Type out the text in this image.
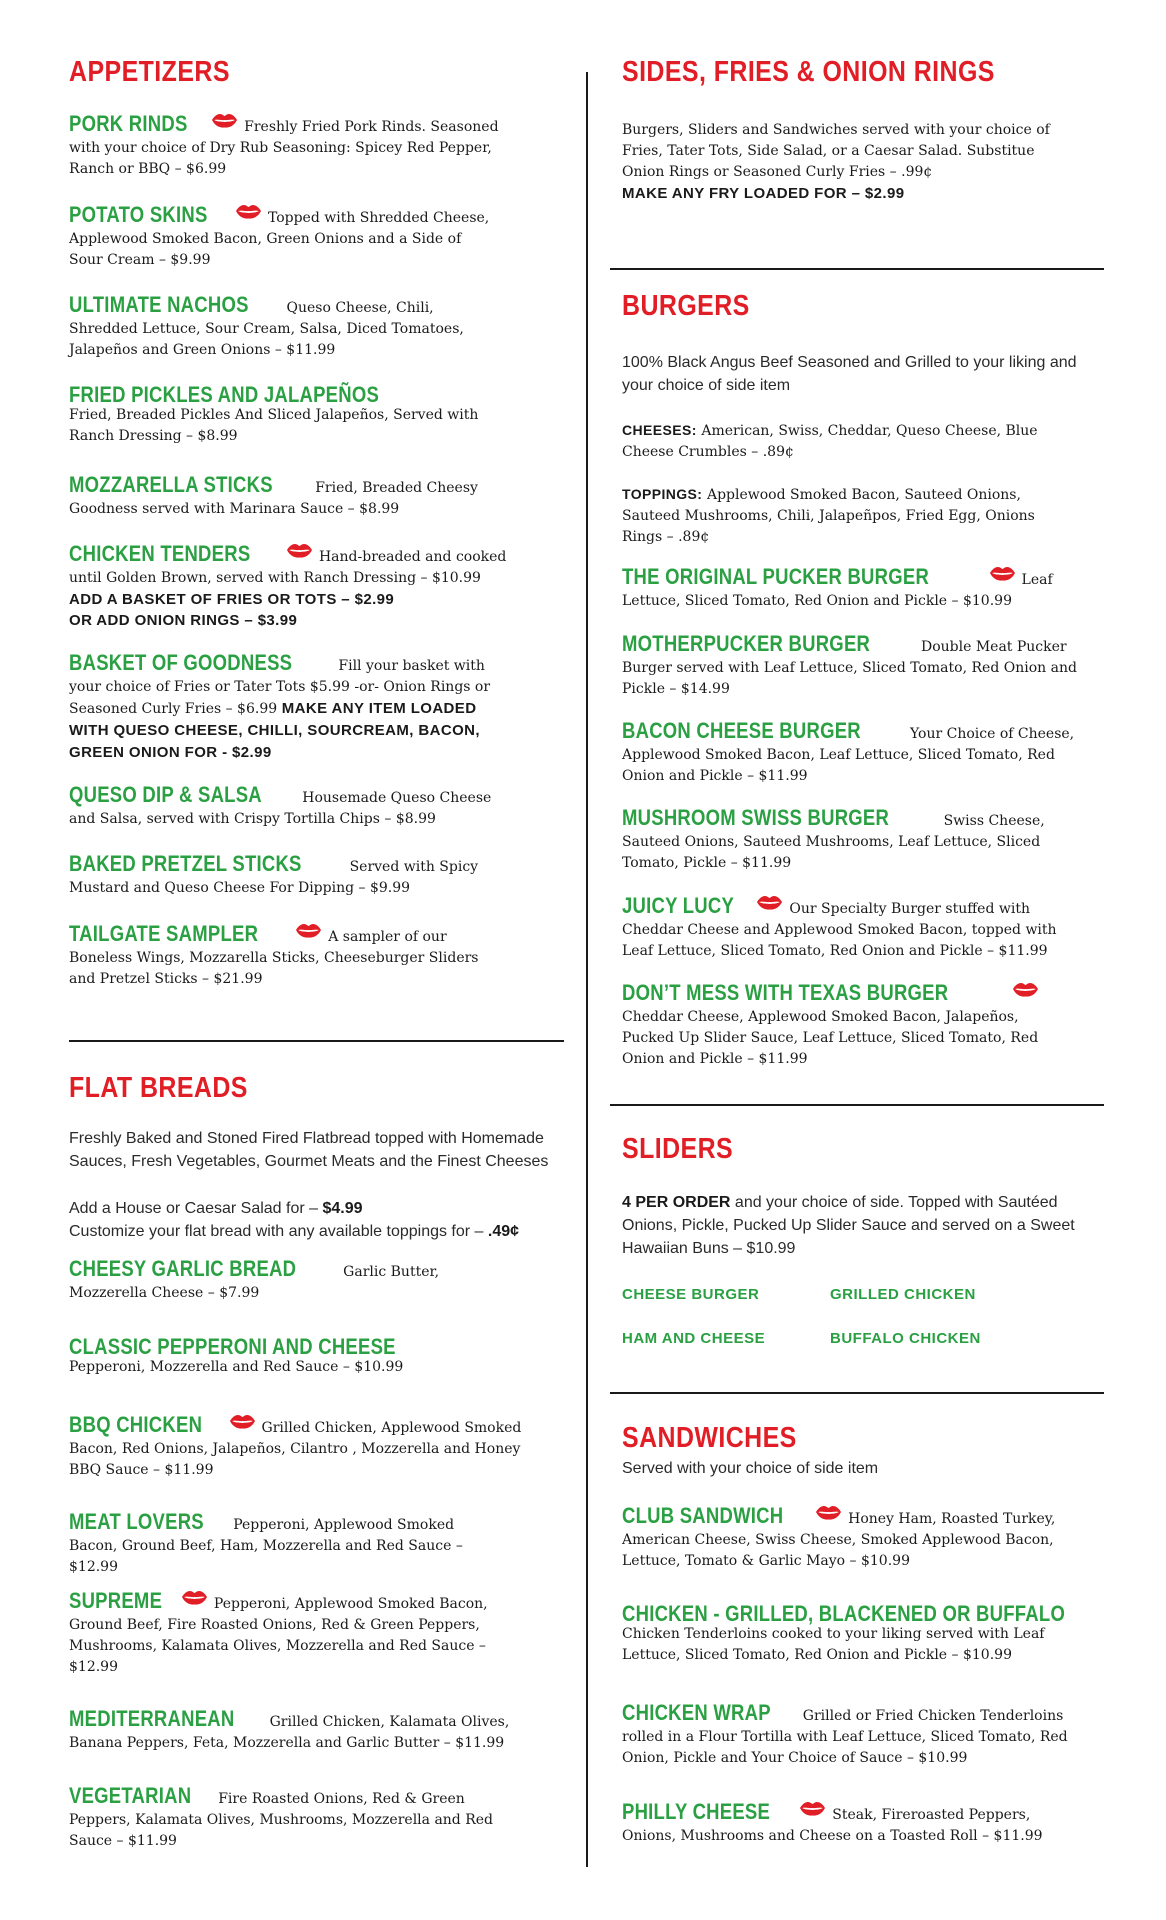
APPETIZERS
PORK RINDS	Freshly Fried Pork Rinds. Seasoned with your choice of Dry Rub Seasoning: Spicey Red Pepper, Ranch or BBQ – $6.99
POTATO SKINS	Topped with Shredded Cheese, Applewood Smoked Bacon, Green Onions and a Side of Sour Cream – $9.99
ULTIMATE NACHOS	Queso Cheese, Chili, Shredded Lettuce, Sour Cream, Salsa, Diced Tomatoes, Jalapeños and Green Onions – $11.99
FRIED PICKLES AND JALAPEÑOS
Fried, Breaded Pickles And Sliced Jalapeños, Served with Ranch Dressing – $8.99
MOZZARELLA STICKS	Fried, Breaded Cheesy Goodness served with Marinara Sauce – $8.99
CHICKEN TENDERS	Hand-breaded and cooked until Golden Brown, served with Ranch Dressing – $10.99
ADD A BASKET OF FRIES OR TOTS – $2.99
OR ADD ONION RINGS – $3.99
BASKET OF GOODNESS	Fill your basket with your choice of Fries or Tater Tots $5.99 -or- Onion Rings or Seasoned Curly Fries – $6.99 MAKE ANY ITEM LOADED WITH QUESO CHEESE, CHILLI, SOURCREAM, BACON, GREEN ONION FOR - $2.99
QUESO DIP & SALSA	Housemade Queso Cheese and Salsa, served with Crispy Tortilla Chips – $8.99
BAKED PRETZEL STICKS	Served with Spicy Mustard and Queso Cheese For Dipping – $9.99
TAILGATE SAMPLER	A sampler of our Boneless Wings, Mozzarella Sticks, Cheeseburger Sliders and Pretzel Sticks – $21.99
FLAT BREADS
Freshly Baked and Stoned Fired Flatbread topped with Homemade Sauces, Fresh Vegetables, Gourmet Meats and the Finest Cheeses
Add a House or Caesar Salad for – $4.99
Customize your flat bread with any available toppings for – .49¢
CHEESY GARLIC BREAD	Garlic Butter, Mozzerella Cheese – $7.99
CLASSIC PEPPERONI AND CHEESE
Pepperoni, Mozzerella and Red Sauce – $10.99
BBQ CHICKEN	Grilled Chicken, Applewood Smoked Bacon, Red Onions, Jalapeños, Cilantro , Mozzerella and Honey BBQ Sauce – $11.99
MEAT LOVERS Pepperoni, Applewood Smoked Bacon, Ground Beef, Ham, Mozzerella and Red Sauce – $12.99
SUPREME	Pepperoni, Applewood Smoked Bacon, Ground Beef, Fire Roasted Onions, Red & Green Peppers, Mushrooms, Kalamata Olives, Mozzerella and Red Sauce – $12.99
MEDITERRANEAN	Grilled Chicken, Kalamata Olives, Banana Peppers, Feta, Mozzerella and Garlic Butter – $11.99
VEGETARIAN Fire Roasted Onions, Red & Green Peppers, Kalamata Olives, Mushrooms, Mozzerella and Red Sauce – $11.99
SIDES, FRIES & ONION RINGS
Burgers, Sliders and Sandwiches served with your choice of Fries, Tater Tots, Side Salad, or a Caesar Salad. Substitue Onion Rings or Seasoned Curly Fries – .99¢
MAKE ANY FRY LOADED FOR – $2.99
BURGERS
100% Black Angus Beef Seasoned and Grilled to your liking and your choice of side item
CHEESES: American, Swiss, Cheddar, Queso Cheese, Blue Cheese Crumbles – .89¢
TOPPINGS: Applewood Smoked Bacon, Sauteed Onions, Sauteed Mushrooms, Chili, Jalapeñpos, Fried Egg, Onions Rings – .89¢
THE ORIGINAL PUCKER BURGER	Leaf Lettuce, Sliced Tomato, Red Onion and Pickle – $10.99
MOTHERPUCKER BURGER	Double Meat Pucker Burger served with Leaf Lettuce, Sliced Tomato, Red Onion and Pickle – $14.99
BACON CHEESE BURGER	Your Choice of Cheese, Applewood Smoked Bacon, Leaf Lettuce, Sliced Tomato, Red Onion and Pickle – $11.99
MUSHROOM SWISS BURGER	Swiss Cheese, Sauteed Onions, Sauteed Mushrooms, Leaf Lettuce, Sliced Tomato, Pickle – $11.99
JUICY LUCY	Our Specialty Burger stuffed with Cheddar Cheese and Applewood Smoked Bacon, topped with Leaf Lettuce, Sliced Tomato, Red Onion and Pickle – $11.99
DON’T MESS WITH TEXAS BURGER
Cheddar Cheese, Applewood Smoked Bacon, Jalapeños, Pucked Up Slider Sauce, Leaf Lettuce, Sliced Tomato, Red Onion and Pickle – $11.99
SLIDERS
4 PER ORDER and your choice of side. Topped with Sautéed Onions, Pickle, Pucked Up Slider Sauce and served on a Sweet Hawaiian Buns – $10.99
CHEESE BURGER	GRILLED CHICKEN
HAM AND CHEESE	BUFFALO CHICKEN
SANDWICHES
Served with your choice of side item
CLUB SANDWICH	Honey Ham, Roasted Turkey, American Cheese, Swiss Cheese, Smoked Applewood Bacon, Lettuce, Tomato & Garlic Mayo – $10.99
CHICKEN - GRILLED, BLACKENED OR BUFFALO
Chicken Tenderloins cooked to your liking served with Leaf Lettuce, Sliced Tomato, Red Onion and Pickle – $10.99
CHICKEN WRAP Grilled or Fried Chicken Tenderloins rolled in a Flour Tortilla with Leaf Lettuce, Sliced Tomato, Red Onion, Pickle and Your Choice of Sauce – $10.99
PHILLY CHEESE	Steak, Fireroasted Peppers, Onions, Mushrooms and Cheese on a Toasted Roll – $11.99
